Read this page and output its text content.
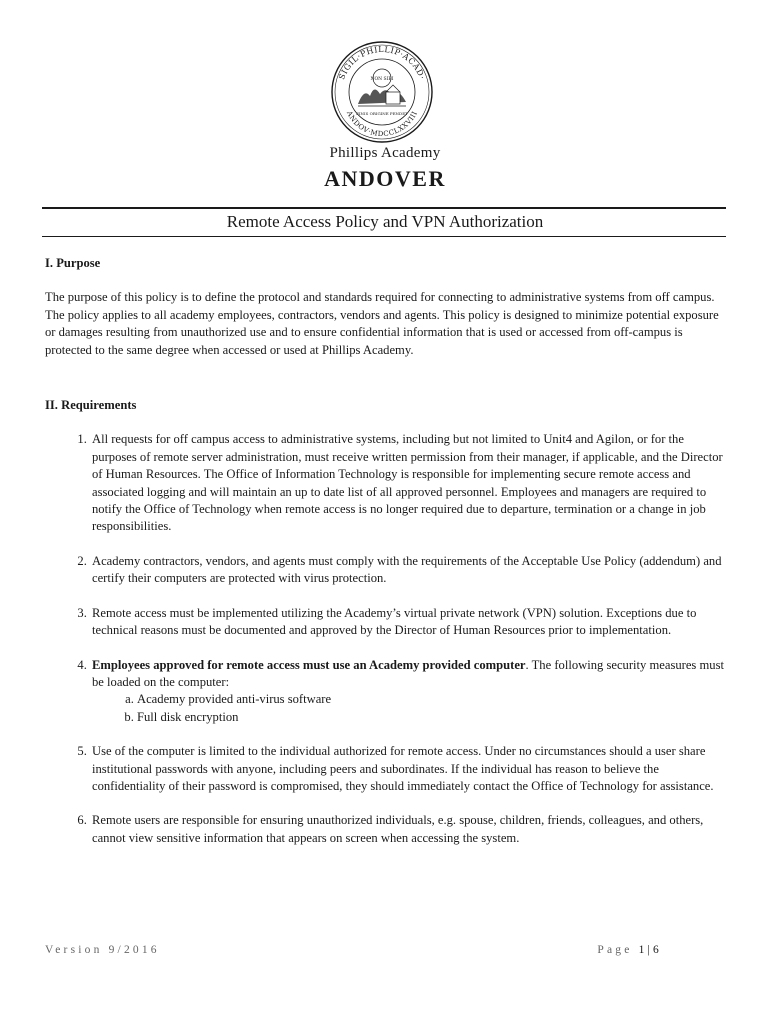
SIGIL·PHILLIP·ACAD·
ANDOV·MDCCLXXVIII
NON SIBI
FINIS ORIGINE PENDET
Phillips Academy
ANDOVER
Remote Access Policy and VPN Authorization

I. Purpose

The purpose of this policy is to define the protocol and standards required for connecting to administrative systems from off campus. The policy applies to all academy employees, contractors, vendors and agents. This policy is designed to minimize potential exposure or damages resulting from unauthorized use and to ensure confidential information that is used or accessed from off-campus is protected to the same degree when accessed or used at Phillips Academy.

II. Requirements

1. All requests for off campus access to administrative systems, including but not limited to Unit4 and Agilon, or for the purposes of remote server administration, must receive written permission from their manager, if applicable, and the Director of Human Resources. The Office of Information Technology is responsible for implementing secure remote access and associated logging and will maintain an up to date list of all approved personnel. Employees and managers are required to notify the Office of Technology when remote access is no longer required due to departure, termination or a change in job responsibilities.
2. Academy contractors, vendors, and agents must comply with the requirements of the Acceptable Use Policy (addendum) and certify their computers are protected with virus protection.
3. Remote access must be implemented utilizing the Academy’s virtual private network (VPN) solution. Exceptions due to technical reasons must be documented and approved by the Director of Human Resources prior to implementation.
4. Employees approved for remote access must use an Academy provided computer. The following security measures must be loaded on the computer:
a. Academy provided anti-virus software
b. Full disk encryption
5. Use of the computer is limited to the individual authorized for remote access. Under no circumstances should a user share institutional passwords with anyone, including peers and subordinates. If the individual has reason to believe the confidentiality of their password is compromised, they should immediately contact the Office of Technology for assistance.
6. Remote users are responsible for ensuring unauthorized individuals, e.g. spouse, children, friends, colleagues, and others, cannot view sensitive information that appears on screen when accessing the system.
Version 9/2016	Page 1|6
